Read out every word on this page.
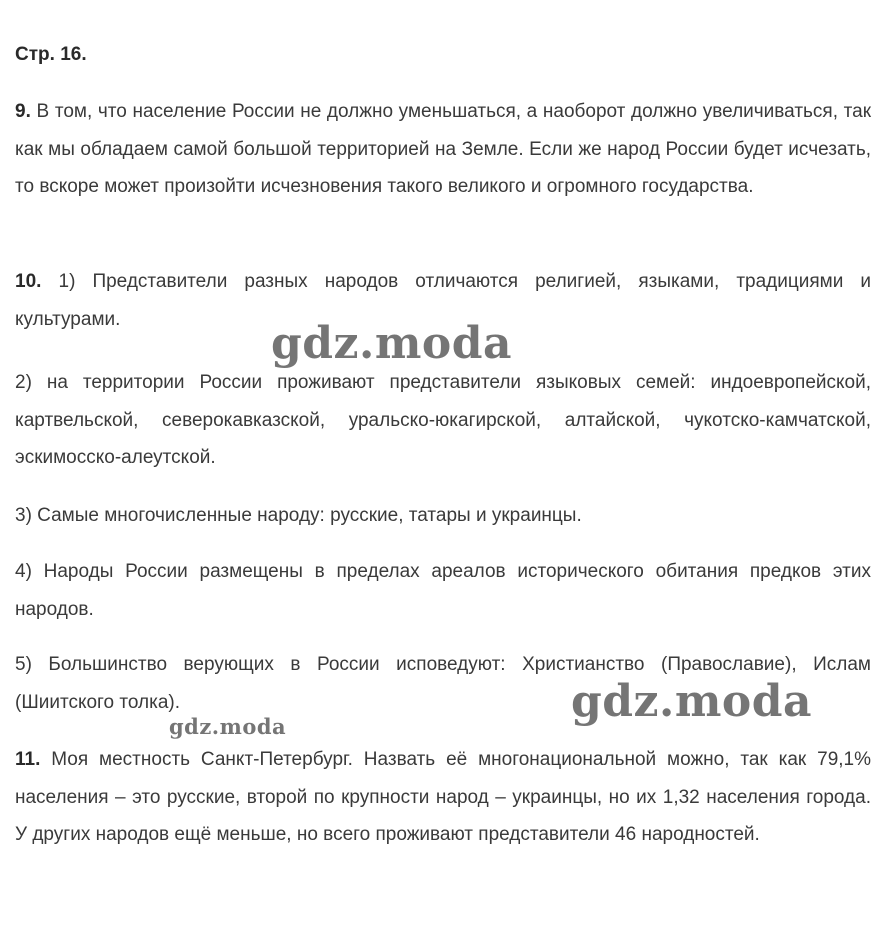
Стр. 16.
9. В том, что население России не должно уменьшаться, а наоборот должно увеличиваться, так как мы обладаем самой большой территорией на Земле. Если же народ России будет исчезать, то вскоре может произойти исчезновения такого великого и огромного государства.
10. 1) Представители разных народов отличаются религией, языками, традициями и культурами.
2) на территории России проживают представители языковых семей: индоевропейской, картвельской, северокавказской, уральско-юкагирской, алтайской, чукотско-камчатской, эскимосско-алеутской.
3) Самые многочисленные народу: русские, татары и украинцы.
4) Народы России размещены в пределах ареалов исторического обитания предков этих народов.
5) Большинство верующих в России исповедуют: Христианство (Православие), Ислам (Шиитского толка).
11. Моя местность Санкт-Петербург. Назвать её многонациональной можно, так как 79,1% населения – это русские, второй по крупности народ – украинцы, но их 1,32 населения города. У других народов ещё меньше, но всего проживают представители 46 народностей.
gdz.moda
gdz.moda
gdz.moda
